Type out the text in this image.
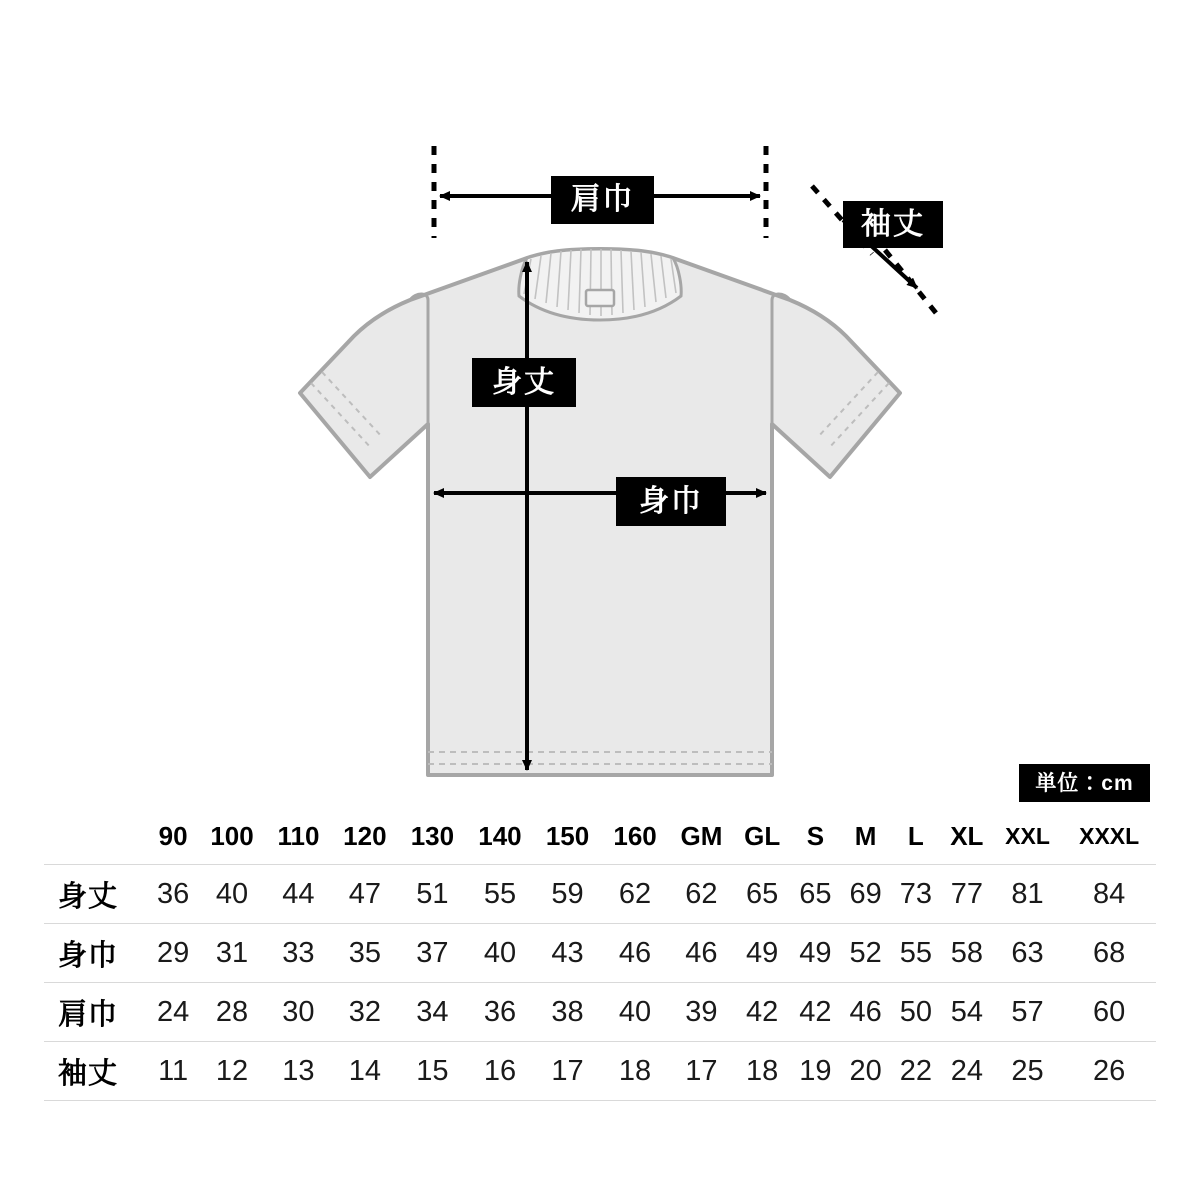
肩巾
袖丈
身丈
身巾
単位：cm
	90	100	110	120	130	140	150	160	GM	GL	S	M	L	XL	XXL	XXXL
身丈	36	40	44	47	51	55	59	62	62	65	65	69	73	77	81	84
身巾	29	31	33	35	37	40	43	46	46	49	49	52	55	58	63	68
肩巾	24	28	30	32	34	36	38	40	39	42	42	46	50	54	57	60
袖丈	11	12	13	14	15	16	17	18	17	18	19	20	22	24	25	26
